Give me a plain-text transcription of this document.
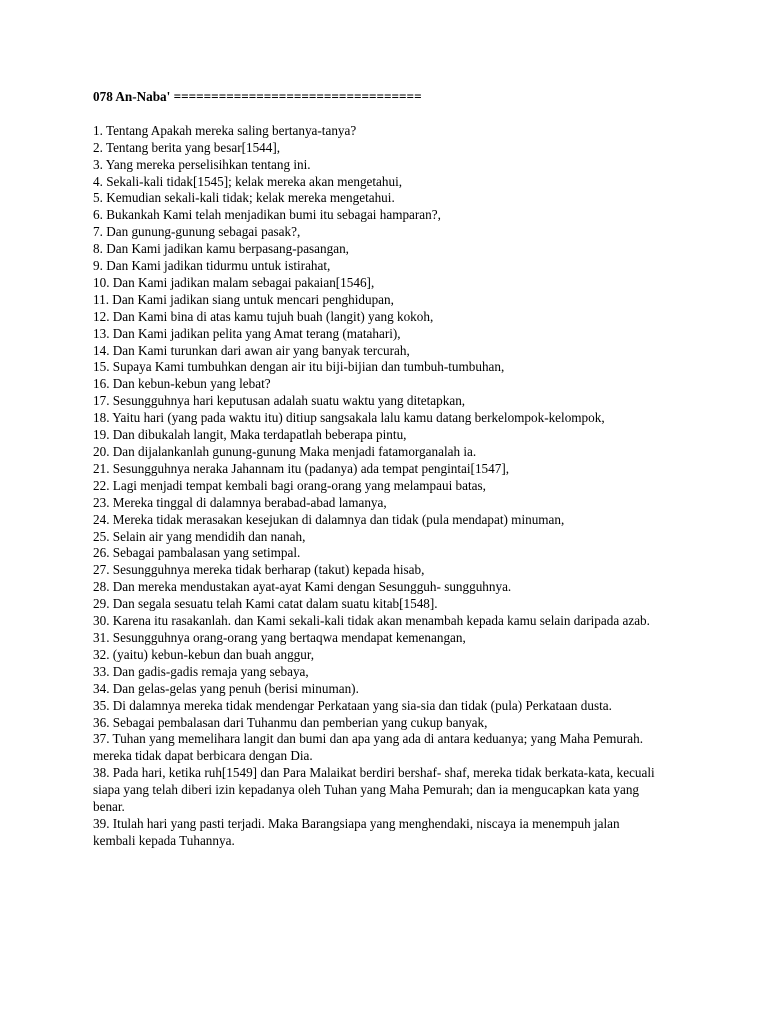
078 An-Naba' =================================

1. Tentang Apakah mereka saling bertanya-tanya?
2. Tentang berita yang besar[1544],
3. Yang mereka perselisihkan tentang ini.
4. Sekali-kali tidak[1545]; kelak mereka akan mengetahui,
5. Kemudian sekali-kali tidak; kelak mereka mengetahui.
6. Bukankah Kami telah menjadikan bumi itu sebagai hamparan?,
7. Dan gunung-gunung sebagai pasak?,
8. Dan Kami jadikan kamu berpasang-pasangan,
9. Dan Kami jadikan tidurmu untuk istirahat,
10. Dan Kami jadikan malam sebagai pakaian[1546],
11. Dan Kami jadikan siang untuk mencari penghidupan,
12. Dan Kami bina di atas kamu tujuh buah (langit) yang kokoh,
13. Dan Kami jadikan pelita yang Amat terang (matahari),
14. Dan Kami turunkan dari awan air yang banyak tercurah,
15. Supaya Kami tumbuhkan dengan air itu biji-bijian dan tumbuh-tumbuhan,
16. Dan kebun-kebun yang lebat?
17. Sesungguhnya hari keputusan adalah suatu waktu yang ditetapkan,
18. Yaitu hari (yang pada waktu itu) ditiup sangsakala lalu kamu datang berkelompok-kelompok,
19. Dan dibukalah langit, Maka terdapatlah beberapa pintu,
20. Dan dijalankanlah gunung-gunung Maka menjadi fatamorganalah ia.
21. Sesungguhnya neraka Jahannam itu (padanya) ada tempat pengintai[1547],
22. Lagi menjadi tempat kembali bagi orang-orang yang melampaui batas,
23. Mereka tinggal di dalamnya berabad-abad lamanya,
24. Mereka tidak merasakan kesejukan di dalamnya dan tidak (pula mendapat) minuman,
25. Selain air yang mendidih dan nanah,
26. Sebagai pambalasan yang setimpal.
27. Sesungguhnya mereka tidak berharap (takut) kepada hisab,
28. Dan mereka mendustakan ayat-ayat Kami dengan Sesungguh- sungguhnya.
29. Dan segala sesuatu telah Kami catat dalam suatu kitab[1548].
30. Karena itu rasakanlah. dan Kami sekali-kali tidak akan menambah kepada kamu selain daripada azab.
31. Sesungguhnya orang-orang yang bertaqwa mendapat kemenangan,
32. (yaitu) kebun-kebun dan buah anggur,
33. Dan gadis-gadis remaja yang sebaya,
34. Dan gelas-gelas yang penuh (berisi minuman).
35. Di dalamnya mereka tidak mendengar Perkataan yang sia-sia dan tidak (pula) Perkataan dusta.
36. Sebagai pembalasan dari Tuhanmu dan pemberian yang cukup banyak,
37. Tuhan yang memelihara langit dan bumi dan apa yang ada di antara keduanya; yang Maha Pemurah. mereka tidak dapat berbicara dengan Dia.
38. Pada hari, ketika ruh[1549] dan Para Malaikat berdiri bershaf- shaf, mereka tidak berkata-kata, kecuali siapa yang telah diberi izin kepadanya oleh Tuhan yang Maha Pemurah; dan ia mengucapkan kata yang benar.
39. Itulah hari yang pasti terjadi. Maka Barangsiapa yang menghendaki, niscaya ia menempuh jalan kembali kepada Tuhannya.
